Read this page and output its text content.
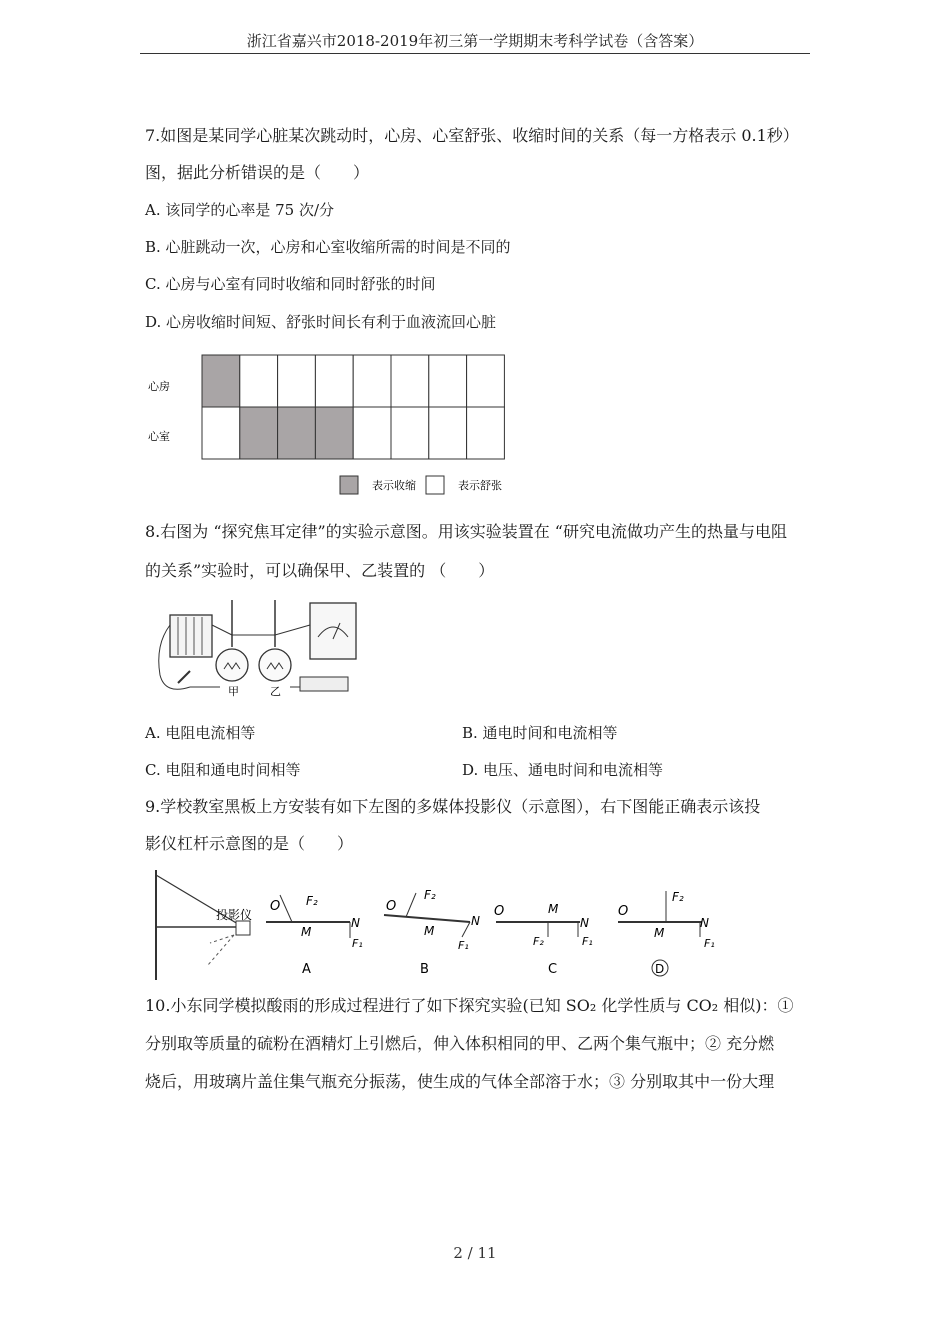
浙江省嘉兴市2018-2019年初三第一学期期末考科学试卷（含答案）
7.如图是某同学心脏某次跳动时，心房、心室舒张、收缩时间的关系（每一方格表示 0.1秒）
图，据此分析错误的是（　　）
A. 该同学的心率是 75 次/分
B. 心脏跳动一次，心房和心室收缩所需的时间是不同的
C. 心房与心室有同时收缩和同时舒张的时间
D. 心房收缩时间短、舒张时间长有利于血液流回心脏
心房
心室
表示收缩	表示舒张
8.右图为 “探究焦耳定律”的实验示意图。用该实验装置在 “研究电流做功产生的热量与电阻
的关系”实验时，可以确保甲、乙装置的 （　　）
甲	乙
A. 电阻电流相等	B. 通电时间和电流相等
C. 电阻和通电时间相等	D. 电压、通电时间和电流相等
9.学校教室黑板上方安装有如下左图的多媒体投影仪（示意图），右下图能正确表示该投
影仪杠杆示意图的是（　　）
投影仪
O F₂
M
N
F₁
A
O
F₂
M
N
F₁
B
O	M
F₂
N
F₁
C
O
F₂
M
N
F₁
D
10.小东同学模拟酸雨的形成过程进行了如下探究实验(已知 SO₂ 化学性质与 CO₂ 相似)：①
分别取等质量的硫粉在酒精灯上引燃后，伸入体积相同的甲、乙两个集气瓶中；② 充分燃
烧后，用玻璃片盖住集气瓶充分振荡，使生成的气体全部溶于水；③ 分别取其中一份大理
2 / 11
